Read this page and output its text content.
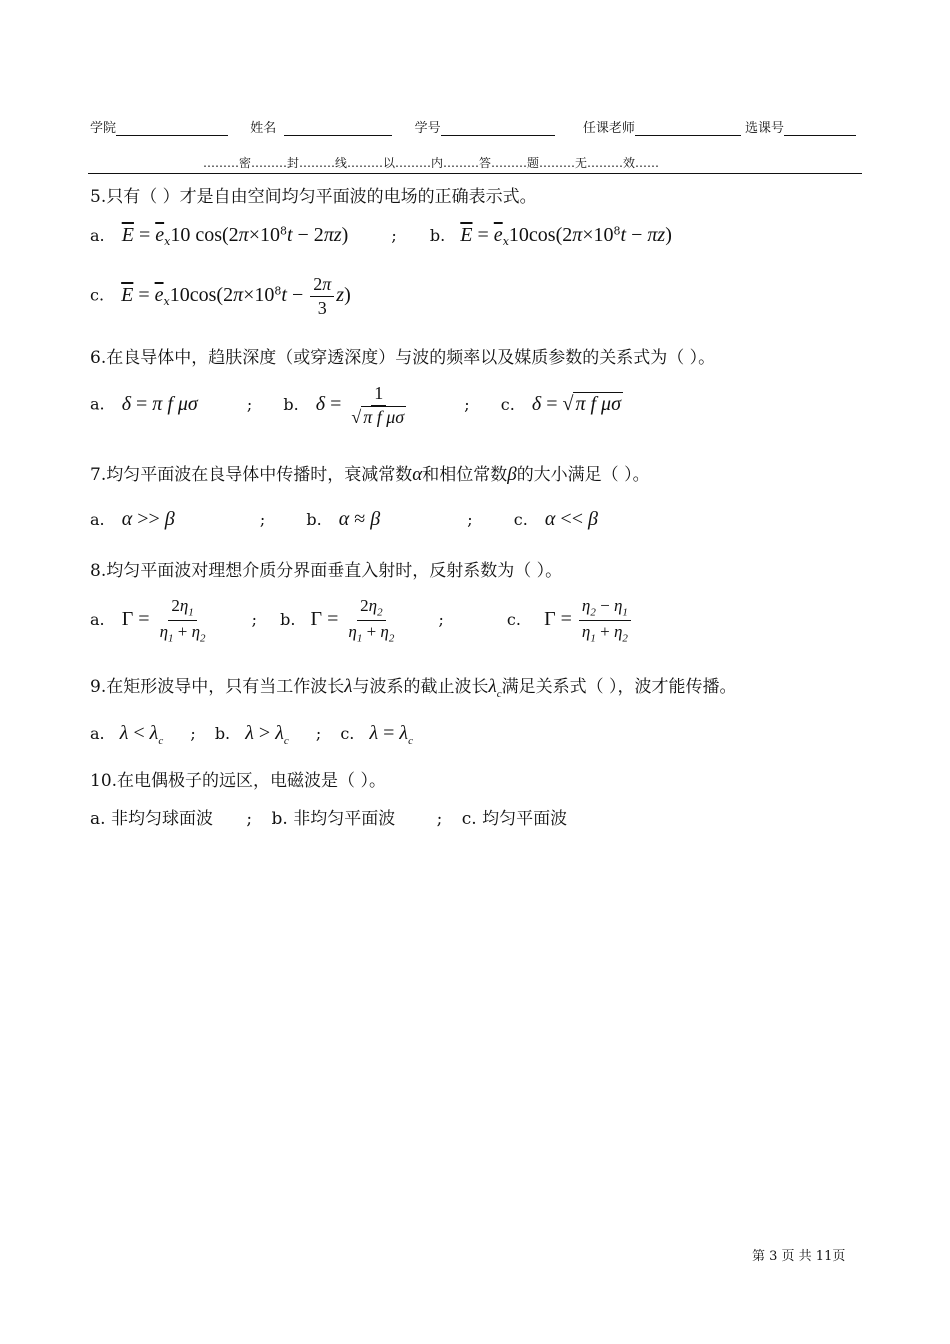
学院	姓名	学号	任课老师	选课号
………密………封………线………以………内………答………题………无………效……
5.只有（ ）才是自由空间均匀平面波的电场的正确表示式。
a. $\overline{E} = \overline{e}_x10$ $\cos(2\pi\times 10^8t - 2\pi z)$	; b. $\overline{E} = \overline{e}_x10\cos(2\pi\times 10^8t - \pi z)$
c. $\overline{E} = \overline{e}_x10\cos(2\pi\times 10^8t - \frac{2\pi}{3} z)$
6.在良导体中，趋肤深度（或穿透深度）与波的频率以及媒质参数的关系式为（ ）。
a. δ = π f μσ	; b. $\delta = \frac{1}{\text{√ π f μσ}}$	; c. δ = √ π f μσ
7.均匀平面波在良导体中传播时，衰减常数α和相位常数β的大小满足（ ）。
a. α >> β	;	b. α ≈ β	;	c. α << β
8.均匀平面波对理想介质分界面垂直入射时，反射系数为（ ）。
a. $\Gamma = \frac{2\eta_1}{\eta_1 + \eta_2}$	; b. $\Gamma = \frac{2\eta_2}{\eta_1 + \eta_2}$	;	c. $\Gamma = \frac{\eta_2 - \eta_1}{\eta_1 + \eta_2}$
9.在矩形波导中，只有当工作波长λ与波系的截止波长$\lambda_c$满足关系式（ ），波才能传播。
a. $\lambda < \lambda_c$ ; b. $\lambda > \lambda_c$ ; c. $\lambda = \lambda_c$
10.在电偶极子的远区，电磁波是（ ）。
a. 非均匀球面波 ; b. 非均匀平面波 ; c. 均匀平面波
第 3 页 共 11页
